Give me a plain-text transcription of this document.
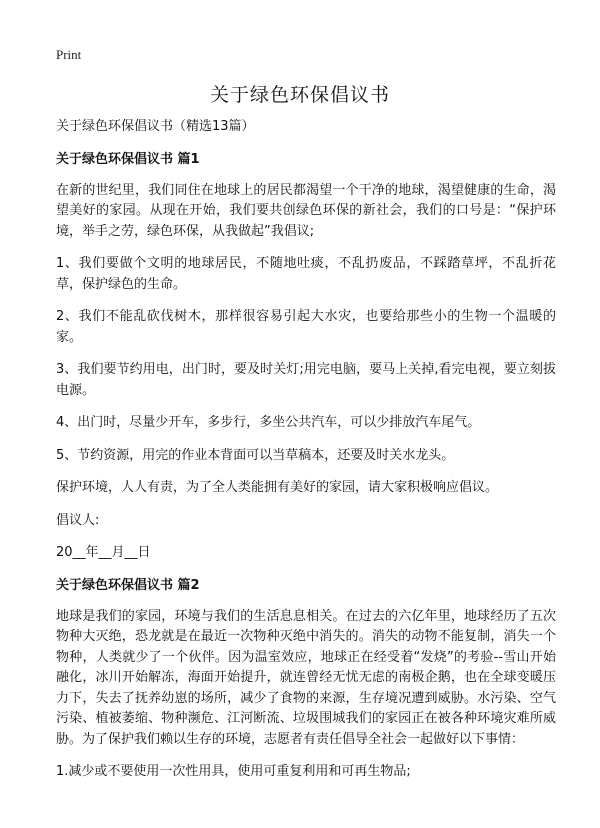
Print
关于绿色环保倡议书

关于绿色环保倡议书（精选13篇）

关于绿色环保倡议书 篇1

在新的世纪里，我们同住在地球上的居民都渴望一个干净的地球，渴望健康的生命，渴望美好的家园。从现在开始，我们要共创绿色环保的新社会，我们的口号是：“保护环境，举手之劳，绿色环保，从我做起”我倡议;

1、我们要做个文明的地球居民，不随地吐痰，不乱扔废品，不踩踏草坪，不乱折花草，保护绿色的生命。

2、我们不能乱砍伐树木，那样很容易引起大水灾，也要给那些小的生物一个温暖的家。

3、我们要节约用电，出门时，要及时关灯;用完电脑，要马上关掉,看完电视，要立刻拔电源。

4、出门时，尽量少开车，多步行，多坐公共汽车，可以少排放汽车尾气。

5、节约资源，用完的作业本背面可以当草稿本，还要及时关水龙头。

保护环境，人人有责，为了全人类能拥有美好的家园，请大家积极响应倡议。

倡议人:

20__年__月__日

关于绿色环保倡议书 篇2

地球是我们的家园，环境与我们的生活息息相关。在过去的六亿年里，地球经历了五次物种大灭绝，恐龙就是在最近一次物种灭绝中消失的。消失的动物不能复制，消失一个物种，人类就少了一个伙伴。因为温室效应，地球正在经受着“发烧”的考验--雪山开始融化，冰川开始解冻，海面开始提升，就连曾经无忧无虑的南极企鹅，也在全球变暖压力下，失去了抚养幼崽的场所，减少了食物的来源，生存境况遭到威胁。水污染、空气污染、植被萎缩、物种濒危、江河断流、垃圾围城我们的家园正在被各种环境灾难所威胁。为了保护我们赖以生存的环境，志愿者有责任倡导全社会一起做好以下事情：

1.减少或不要使用一次性用具，使用可重复利用和可再生物品;
